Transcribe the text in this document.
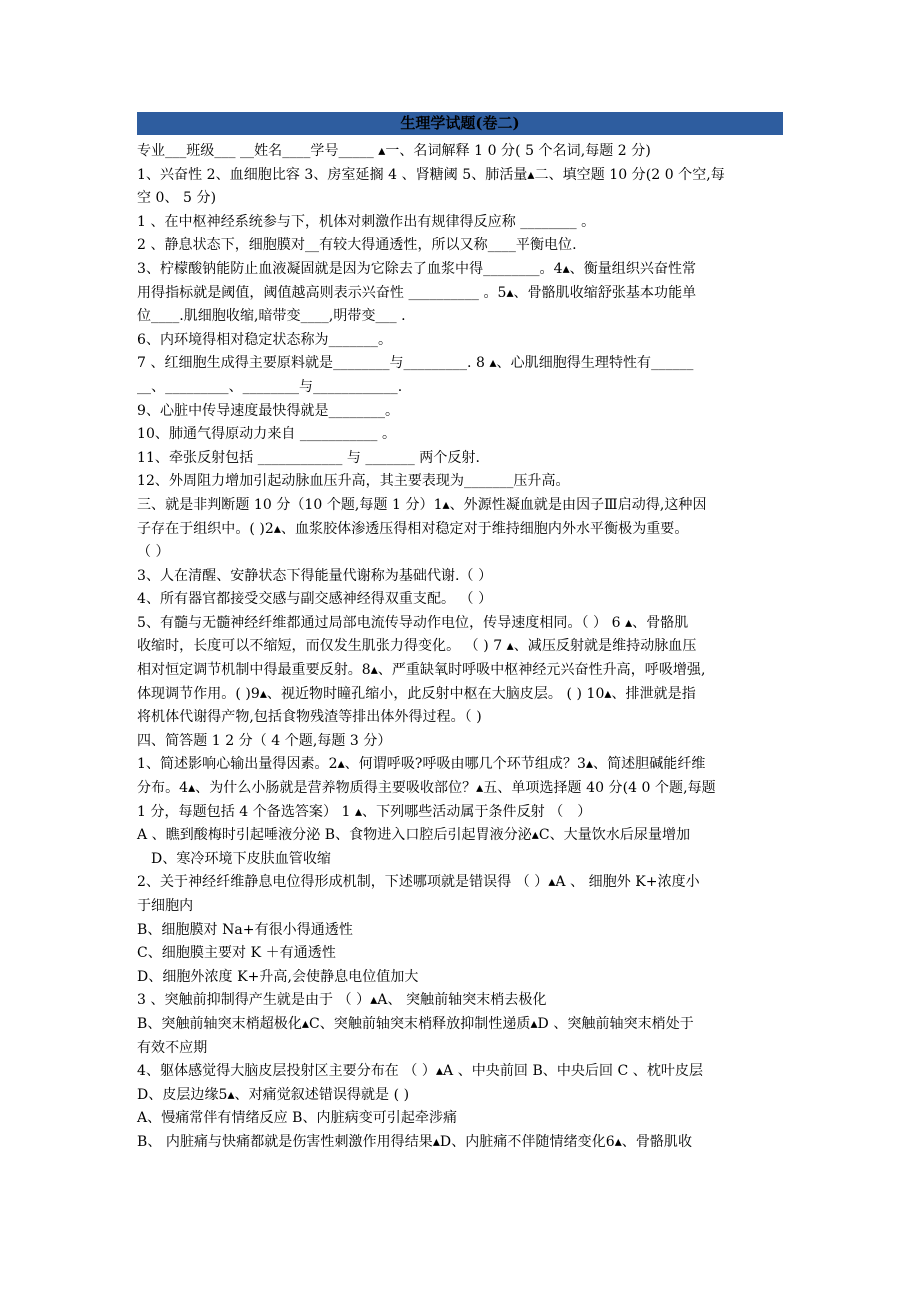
生理学试题(卷二)
专业___班级___ __姓名____学号_____ ▴一、名词解释 1 0 分( 5 个名词,每题 2 分)
1、兴奋性 2、血细胞比容 3、房室延搁 4 、肾糖阈 5、肺活量▴二、填空题 10 分(2 0 个空,每
空 0、 5 分)
1 、在中枢神经系统参与下，机体对刺激作出有规律得反应称 ________ 。
2 、静息状态下，细胞膜对__有较大得通透性，所以又称____平衡电位.
3、柠檬酸钠能防止血液凝固就是因为它除去了血浆中得________。4▴、衡量组织兴奋性常
用得指标就是阈值，阈值越高则表示兴奋性 __________ 。5▴、骨骼肌收缩舒张基本功能单
位____.肌细胞收缩,暗带变____,明带变___ .
6、内环境得相对稳定状态称为_______。
7 、红细胞生成得主要原料就是________与_________. 8 ▴、心肌细胞得生理特性有______
__、_________、________与____________.
9、心脏中传导速度最快得就是________。
10、肺通气得原动力来自 ___________ 。
11、牵张反射包括 ____________ 与 _______ 两个反射.
12、外周阻力增加引起动脉血压升高，其主要表现为_______压升高。
三、就是非判断题 10 分（10 个题,每题 1 分）1▴、外源性凝血就是由因子Ⅲ启动得,这种因
子存在于组织中。( )2▴、血浆胶体渗透压得相对稳定对于维持细胞内外水平衡极为重要。
（ ）
3、人在清醒、安静状态下得能量代谢称为基础代谢.（ ）
4、所有器官都接受交感与副交感神经得双重支配。 （ ）
5、有髓与无髓神经纤维都通过局部电流传导动作电位，传导速度相同。（ ） 6 ▴、骨骼肌
收缩时，长度可以不缩短，而仅发生肌张力得变化。 （ ) 7 ▴、减压反射就是维持动脉血压
相对恒定调节机制中得最重要反射。8▴、严重缺氧时呼吸中枢神经元兴奋性升高，呼吸增强,
体现调节作用。( )9▴、视近物时瞳孔缩小，此反射中枢在大脑皮层。 ( ) 10▴、排泄就是指
将机体代谢得产物,包括食物残渣等排出体外得过程。（ )
四、简答题 1 2 分（ 4 个题,每题 3 分）
1、简述影响心输出量得因素。2▴、何谓呼吸?呼吸由哪几个环节组成？3▴、简述胆碱能纤维
分布。4▴、为什么小肠就是营养物质得主要吸收部位？▴五、单项选择题 40 分(4 0 个题,每题
1 分，每题包括 4 个备选答案） 1 ▴、下列哪些活动属于条件反射 （　）
A 、瞧到酸梅时引起唾液分泌 B、食物进入口腔后引起胃液分泌▴C、大量饮水后尿量增加
　D、寒冷环境下皮肤血管收缩
2、关于神经纤维静息电位得形成机制，下述哪项就是错误得 （ ）▴A 、 细胞外 K+浓度小
于细胞内
B、细胞膜对 Na+有很小得通透性
C、细胞膜主要对 K ＋有通透性
D、细胞外浓度 K+升高,会使静息电位值加大
3 、突触前抑制得产生就是由于 （ ）▴A、 突触前轴突末梢去极化
B、突触前轴突末梢超极化▴C、突触前轴突末梢释放抑制性递质▴D 、突触前轴突末梢处于
有效不应期
4、躯体感觉得大脑皮层投射区主要分布在 （ ）▴A 、中央前回 B、中央后回 C 、枕叶皮层
D、皮层边缘5▴、对痛觉叙述错误得就是 ( )
A、慢痛常伴有情绪反应 B、内脏病变可引起牵涉痛
B、 内脏痛与快痛都就是伤害性刺激作用得结果▴D、内脏痛不伴随情绪变化6▴、骨骼肌收
